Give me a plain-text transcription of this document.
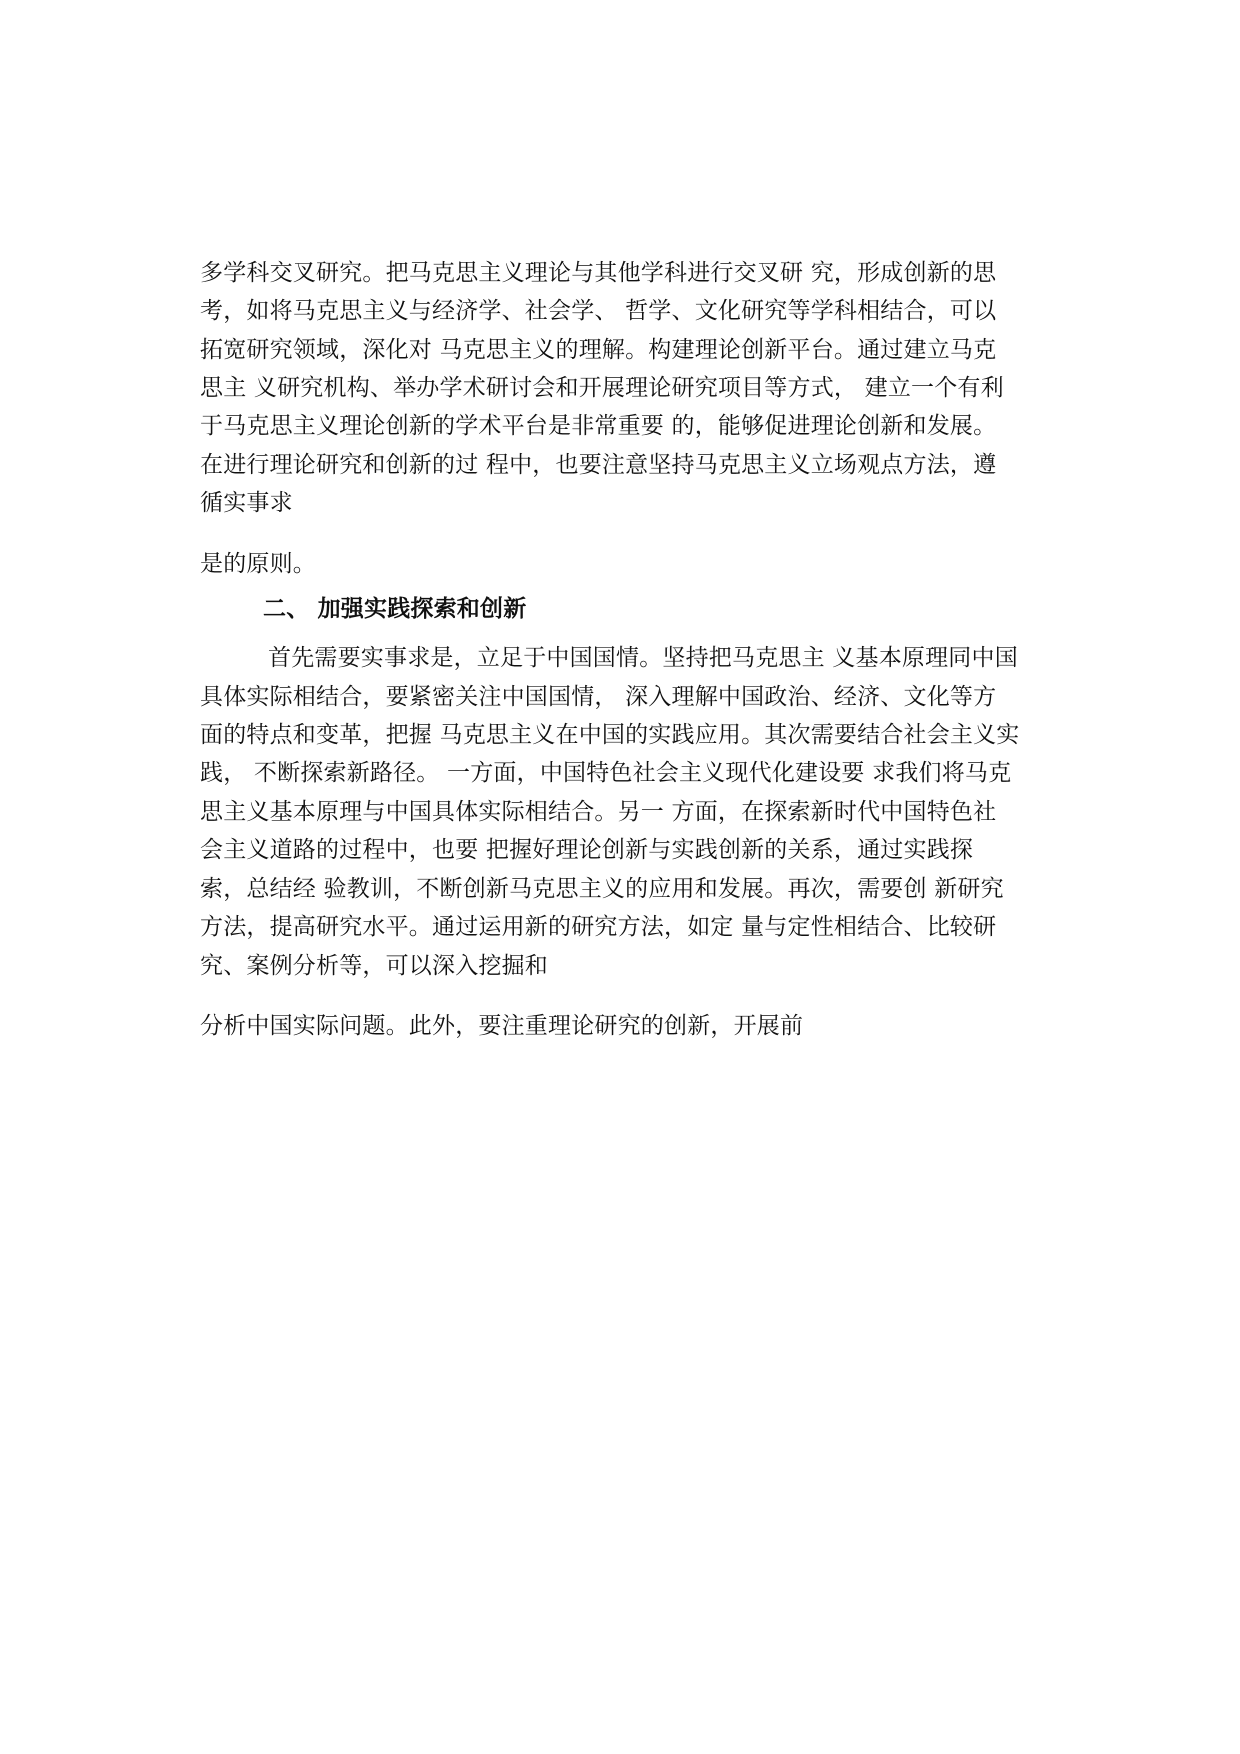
多学科交叉研究。把马克思主义理论与其他学科进行交叉研 究，形成创新的思
考，如将马克思主义与经济学、社会学、 哲学、文化研究等学科相结合，可以
拓宽研究领域，深化对 马克思主义的理解。构建理论创新平台。通过建立马克
思主 义研究机构、举办学术研讨会和开展理论研究项目等方式， 建立一个有利
于马克思主义理论创新的学术平台是非常重要 的，能够促进理论创新和发展。
在进行理论研究和创新的过 程中，也要注意坚持马克思主义立场观点方法，遵
循实事求
是的原则。
二、 加强实践探索和创新
首先需要实事求是，立足于中国国情。坚持把马克思主 义基本原理同中国
具体实际相结合，要紧密关注中国国情， 深入理解中国政治、经济、文化等方
面的特点和变革，把握 马克思主义在中国的实践应用。其次需要结合社会主义实
践， 不断探索新路径。 一方面，中国特色社会主义现代化建设要 求我们将马克
思主义基本原理与中国具体实际相结合。另一 方面，在探索新时代中国特色社
会主义道路的过程中，也要 把握好理论创新与实践创新的关系，通过实践探
索，总结经 验教训，不断创新马克思主义的应用和发展。再次，需要创 新研究
方法，提高研究水平。通过运用新的研究方法，如定 量与定性相结合、比较研
究、案例分析等，可以深入挖掘和
分析中国实际问题。此外，要注重理论研究的创新，开展前
